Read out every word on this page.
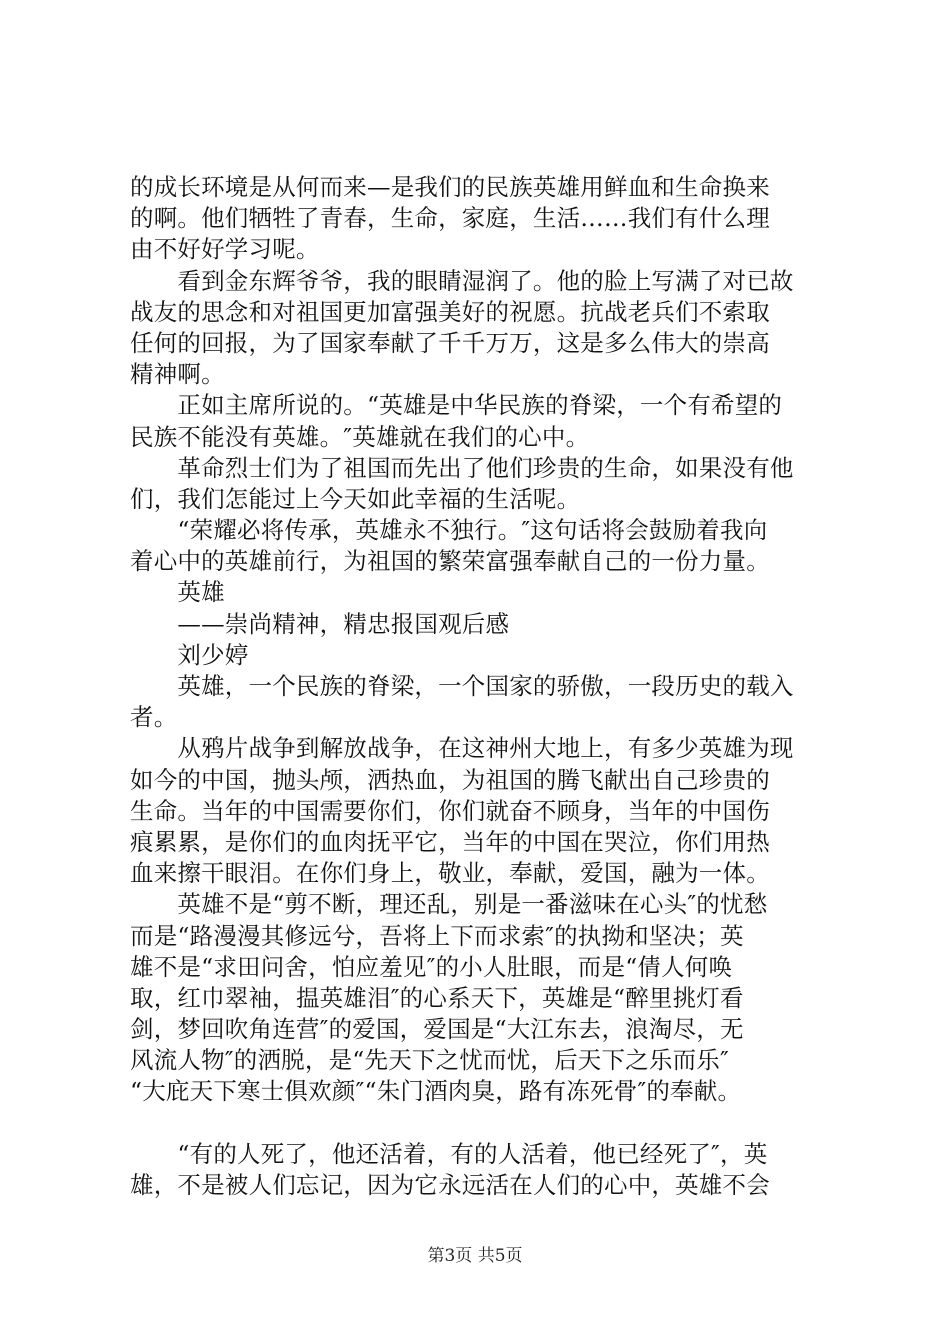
的成长环境是从何而来—是我们的民族英雄用鲜血和生命换来
的啊。他们牺牲了青春，生命，家庭，生活……我们有什么理
由不好好学习呢。
　　看到金东辉爷爷，我的眼睛湿润了。他的脸上写满了对已故
战友的思念和对祖国更加富强美好的祝愿。抗战老兵们不索取
任何的回报，为了国家奉献了千千万万，这是多么伟大的崇高
精神啊。
　　正如主席所说的。“英雄是中华民族的脊梁，一个有希望的
民族不能没有英雄。″英雄就在我们的心中。
　　革命烈士们为了祖国而先出了他们珍贵的生命，如果没有他
们，我们怎能过上今天如此幸福的生活呢。
　　“荣耀必将传承，英雄永不独行。″这句话将会鼓励着我向
着心中的英雄前行，为祖国的繁荣富强奉献自己的一份力量。
　　英雄
　　——崇尚精神，精忠报国观后感
　　刘少婷
　　英雄，一个民族的脊梁，一个国家的骄傲，一段历史的载入
者。
　　从鸦片战争到解放战争，在这神州大地上，有多少英雄为现
如今的中国，抛头颅，洒热血，为祖国的腾飞献出自己珍贵的
生命。当年的中国需要你们，你们就奋不顾身，当年的中国伤
痕累累，是你们的血肉抚平它，当年的中国在哭泣，你们用热
血来擦干眼泪。在你们身上，敬业，奉献，爱国，融为一体。
　　英雄不是“剪不断，理还乱，别是一番滋味在心头″的忧愁
而是“路漫漫其修远兮，吾将上下而求索″的执拗和坚决；英
雄不是“求田问舍，怕应羞见″的小人肚眼，而是“倩人何唤
取，红巾翠袖，揾英雄泪″的心系天下，英雄是“醉里挑灯看
剑，梦回吹角连营″的爱国，爱国是“大江东去，浪淘尽，无
风流人物″的洒脱，是“先天下之忧而忧，后天下之乐而乐″
“大庇天下寒士俱欢颜″“朱门酒肉臭，路有冻死骨″的奉献。
　　“有的人死了，他还活着，有的人活着，他已经死了″，英
雄，不是被人们忘记，因为它永远活在人们的心中，英雄不会
第3页 共5页
